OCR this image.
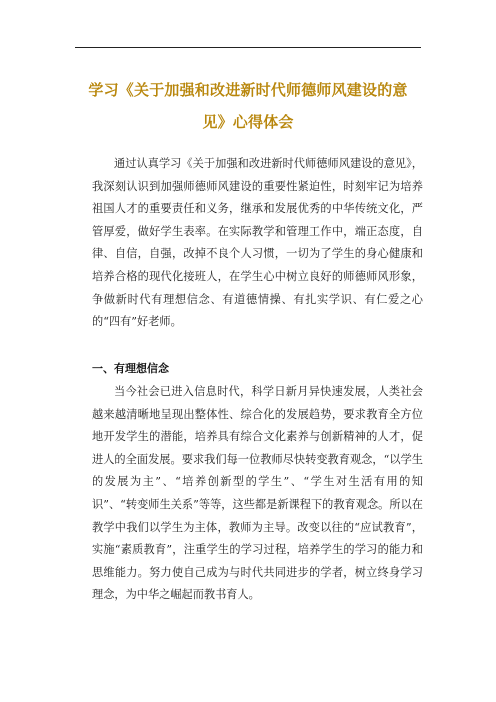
学习《关于加强和改进新时代师德师风建设的意
见》心得体会
通过认真学习《关于加强和改进新时代师德师风建设的意见》，我深刻认识到加强师德师风建设的重要性紧迫性，时刻牢记为培养祖国人才的重要责任和义务，继承和发展优秀的中华传统文化，严管厚爱，做好学生表率。在实际教学和管理工作中，端正态度，自律、自信，自强，改掉不良个人习惯，一切为了学生的身心健康和培养合格的现代化接班人，在学生心中树立良好的师德师风形象，争做新时代有理想信念、有道德情操、有扎实学识、有仁爱之心的“四有”好老师。
一、有理想信念
当今社会已进入信息时代，科学日新月异快速发展，人类社会越来越清晰地呈现出整体性、综合化的发展趋势，要求教育全方位地开发学生的潜能，培养具有综合文化素养与创新精神的人才，促进人的全面发展。要求我们每一位教师尽快转变教育观念，“以学生的发展为主”、“培养创新型的学生”、“学生对生活有用的知识”、“转变师生关系”等等，这些都是新课程下的教育观念。所以在教学中我们以学生为主体，教师为主导。改变以往的“应试教育”，实施“素质教育”，注重学生的学习过程，培养学生的学习的能力和思维能力。努力使自己成为与时代共同进步的学者，树立终身学习理念，为中华之崛起而教书育人。
